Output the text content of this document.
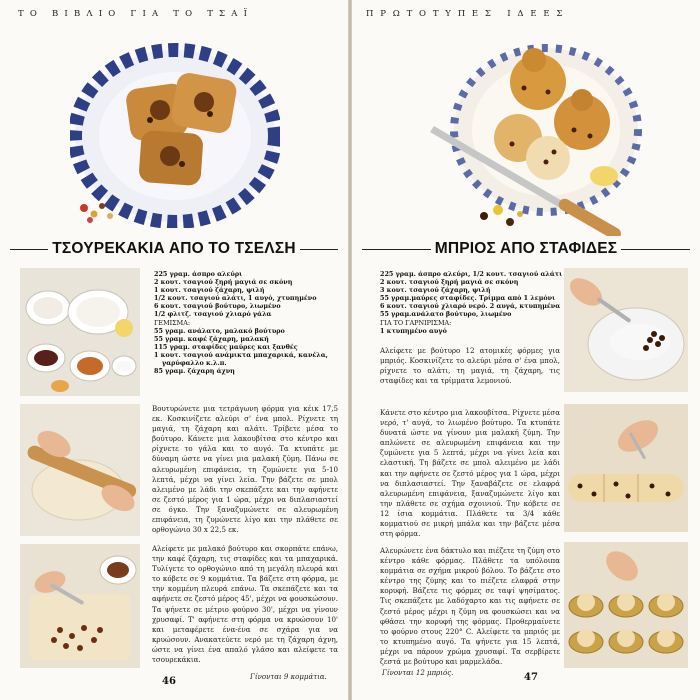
ΤΟ ΒΙΒΛΙΟ ΓΙΑ ΤΟ ΤΣΑΪ
ΤΣΟΥΡΕΚΑΚΙΑ ΑΠΟ ΤΟ ΤΣΕΛΣΗ
225 γραμ. άσπρο αλεύρι
2 κουτ. τσαγιού ξηρή μαγιά σε σκόνη
1 κουτ. τσαγιού ζάχαρη, ψιλή
1/2 κουτ. τσαγιού αλάτι, 1 αυγό, χτυπημένο
6 κουτ. τσαγιού βούτυρο, λιωμένο
1/2 φλιτζ. τσαγιού χλιαρό γάλα
ΓΕΜΙΣΜΑ:
55 γραμ. ανάλατο, μαλακό βούτυρο
55 γραμ. καφέ ζάχαρη, μαλακή
115 γραμ. σταφίδες μαύρες και ξανθές
1 κουτ. τσαγιού ανάμικτα μπαχαρικά, κανέλα,
γαρύφαλλο κ.λ.π.
85 γραμ. ζάχαρη άχνη
Βουτυρώνετε μια τετράγωνη φόρμα για κέικ 17,5 εκ. Κοσκινίζετε αλεύρι σ' ένα μπολ. Ρίχνετε τη μαγιά, τη ζάχαρη και αλάτι. Τρίβετε μέσα το βούτυρο. Κάνετε μια λακουβίτσα στο κέντρο και ρίχνετε το γάλα και το αυγό. Τα κτυπάτε με δύναμη ώστε να γίνει μια μαλακή ζύμη. Πάνω σε αλευρωμένη επιφάνεια, τη ζυμώνετε για 5-10 λεπτά, μέχρι να γίνει λεία. Την βάζετε σε μπολ αλειμένο με λάδι την σκεπάζετε και την αφήνετε σε ζεστό μέρος για 1 ώρα, μέχρι να διπλασιαστεί σε όγκο. Την ξαναζυμώνετε σε αλευρωμένη επιφάνεια, τη ζυμώνετε λίγο και την πλάθετε σε ορθογώνιο 30 x 22,5 εκ.
Αλείφετε με μαλακό βούτυρο και σκορπάτε επάνω, την καφέ ζάχαρη, τις σταφίδες και τα μπαχαρικά. Τυλίγετε το ορθογώνιο από τη μεγάλη πλευρά και το κόβετε σε 9 κομμάτια. Τα βάζετε στη φόρμα, με την κομμένη πλευρά επάνω. Τα σκεπάζετε και τα αφήνετε σε ζεστό μέρος 45', μέχρι να φουσκώσουν. Τα ψήνετε σε μέτριο φούρνο 30', μέχρι να γίνουν χρυσαφί. Τ' αφήνετε στη φόρμα να κρυώσουν 10' και μεταφέρετε ένα-ένα σε σχάρα για να κρυώσουν. Ανακατεύετε νερό με τη ζάχαρη άχνη, ώστε να γίνει ένα απαλό γλάσο και αλείφετε τα τσουρεκάκια.
Γίνονται 9 κομμάτια.
46
ΠΡΩΤΟΤΥΠΕΣ ΙΔΕΕΣ
ΜΠΡΙΟΣ ΑΠΟ ΣΤΑΦΙΔΕΣ
225 γραμ. άσπρο αλεύρι, 1/2 κουτ. τσαγιού αλάτι
2 κουτ. τσαγιού ξηρή μαγιά σε σκόνη
3 κουτ. τσαγιού ζάχαρη, ψιλή
55 γραμ.μαύρες σταφίδες. Τρίμμα από 1 λεμόνι
6 κουτ. τσαγιού χλιαρό νερό. 2 αυγά, κτυπημένα
55 γραμ.ανάλατο βούτυρο, λιωμένο
ΓΙΑ ΤΟ ΓΑΡΝΙΡΙΣΜΑ:
1 κτυπημένο αυγό
Αλείφετε με βούτυρο 12 ατομικές φόρμες για μπριός. Κοσκινίζετε το αλεύρι μέσα σ' ένα μπολ, ρίχνετε το αλάτι, τη μαγιά, τη ζάχαρη, τις σταφίδες και τα τρίμματα λεμονιού.
Κάνετε στο κέντρο μια λακουβίτσα. Ρίχνετε μέσα νερό, τ' αυγά, το λιωμένο βούτυρο. Τα κτυπάτε δυνατά ώστε να γίνουν μια μαλακή ζύμη. Την απλώνετε σε αλευρωμένη επιφάνεια και την ζυμώνετε για 5 λεπτά, μέχρι να γίνει λεία και ελαστική. Τη βάζετε σε μπολ αλειμένο με λάδι και την αφήνετε σε ζεστό μέρος για 1 ώρα, μέχρι να διπλασιαστεί. Την ξαναβάζετε σε ελαφρά αλευρωμένη επιφάνεια, ξαναζυμώνετε λίγο και την πλάθετε σε σχήμα σχοινιού. Την κόβετε σε 12 ίσια κομμάτια. Πλάθετε τα 3/4 κάθε κομματιού σε μικρή μπάλα και την βάζετε μέσα στη φόρμα.
Αλευρώνετε ένα δάκτυλο και πιέζετε τη ζύμη στο κέντρο κάθε φόρμας. Πλάθετε τα υπόλοιπα κομμάτια σε σχήμα μικρού βόλου. Το βάζετε στο κέντρο της ζύμης και το πιέζετε ελαφρά στην κορυφή. Βάζετε τις φόρμες σε ταψί ψησίματος. Τις σκεπάζετε με λαδόχαρτο και τις αφήνετε σε ζεστό μέρος μέχρι η ζύμη να φουσκώσει και να φθάσει την κορυφή της φόρμας. Προθερμαίνετε το φούρνο στους 220° C. Αλείφετε τα μπριός με το κτυπημένο αυγό. Τα ψήνετε για 15 λεπτά, μέχρι να πάρουν χρώμα χρυσαφί. Τα σερβίρετε ζεστά με βούτυρο και μαρμελάδα.
Γίνονται 12 μπριός.	47
